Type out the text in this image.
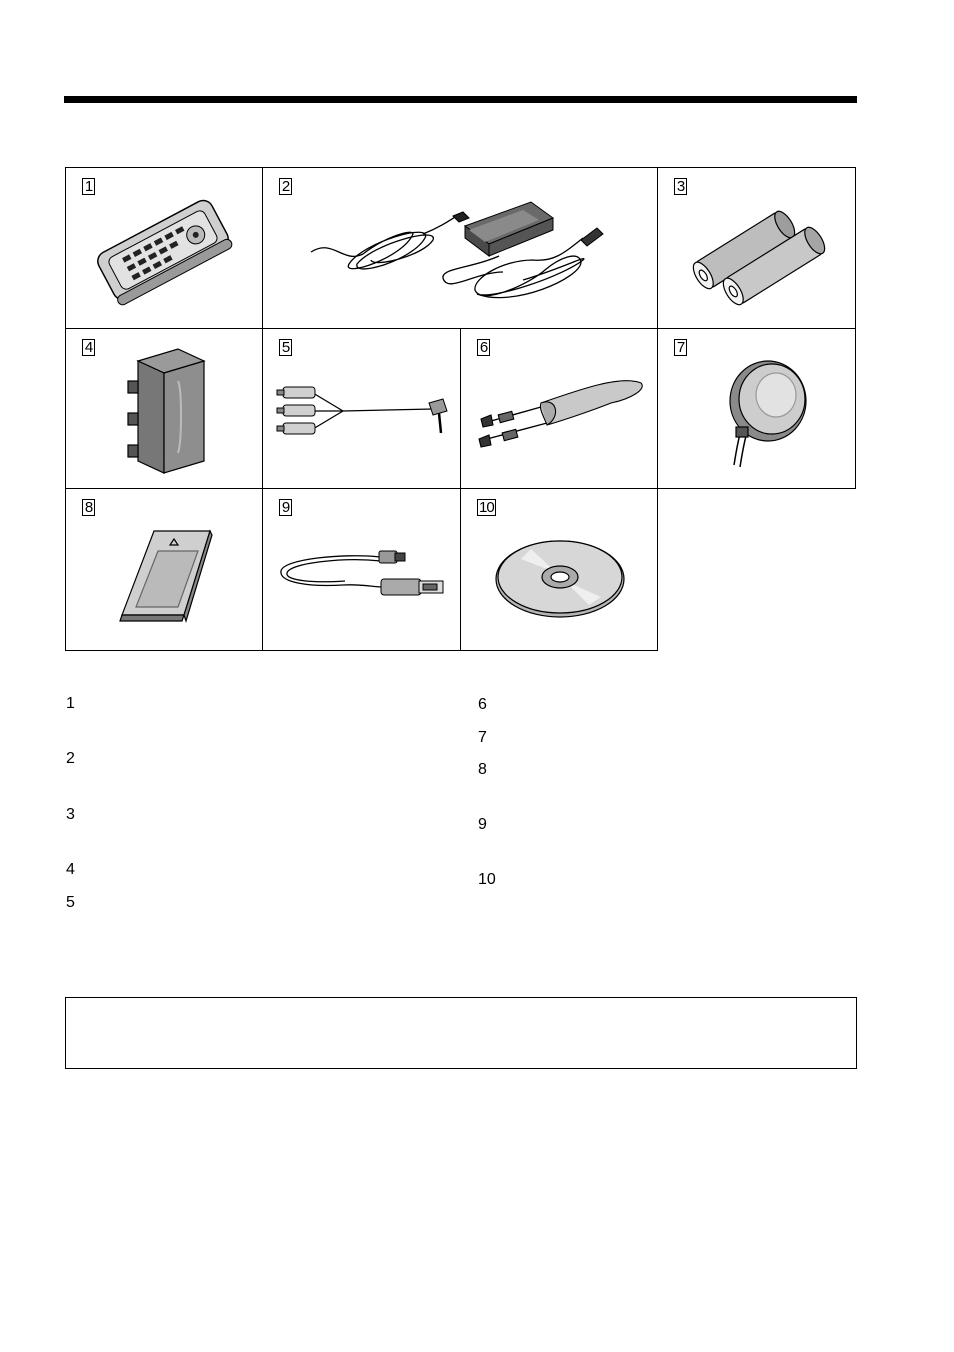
1	2	3
4	5	6	7
8	9	10
1
2
3
4
5
6
7
8
9
10
